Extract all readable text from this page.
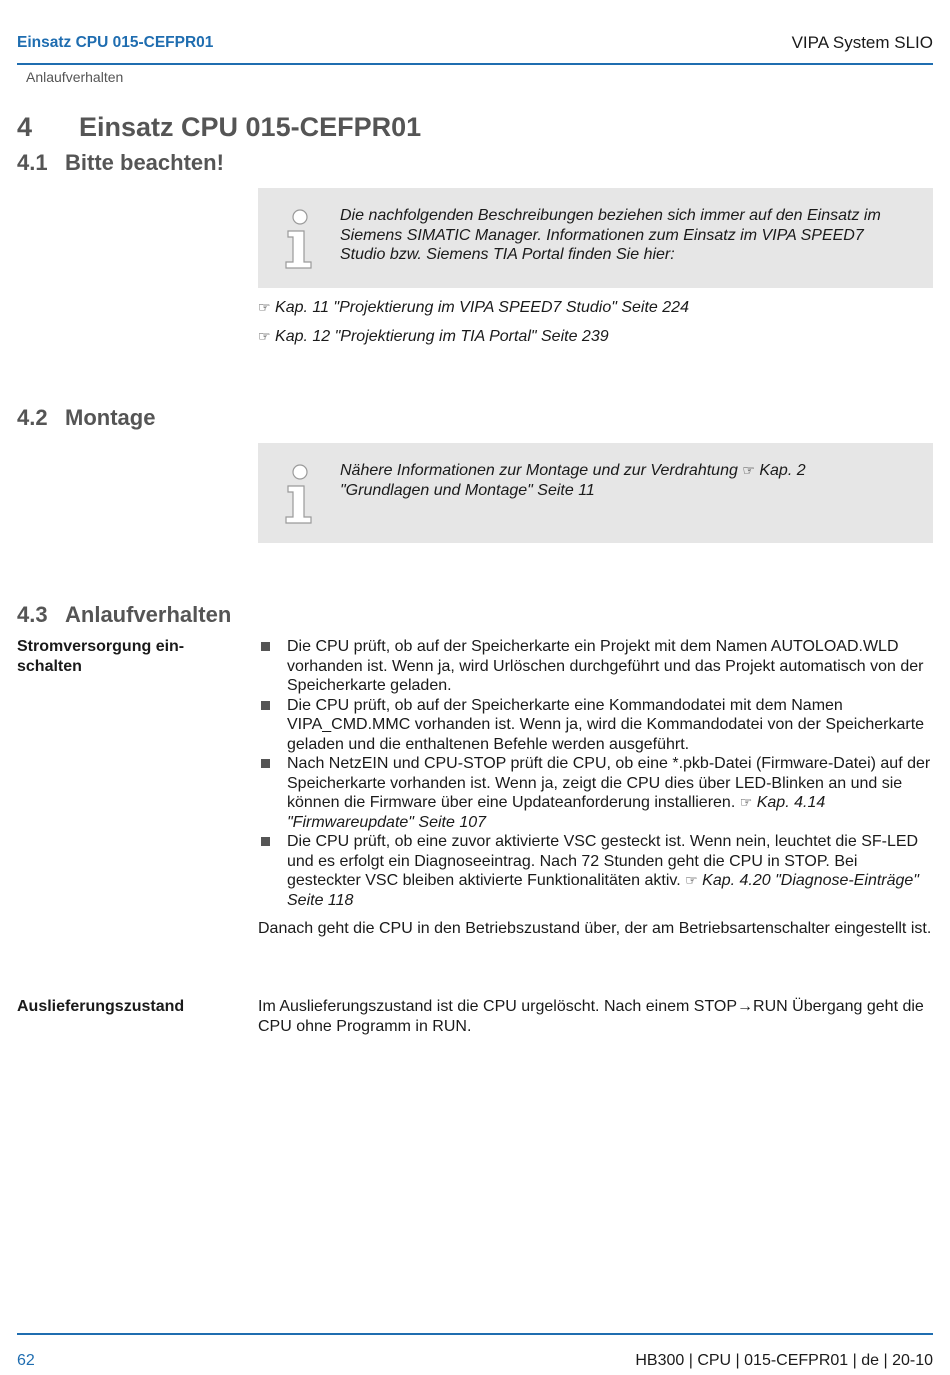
Einsatz CPU 015-CEFPR01	VIPA System SLIO
Anlaufverhalten
4 Einsatz CPU 015-CEFPR01
4.1 Bitte beachten!
Die nachfolgenden Beschreibungen beziehen sich immer auf den Einsatz im Siemens SIMATIC Manager. Informationen zum Einsatz im VIPA SPEED7 Studio bzw. Siemens TIA Portal finden Sie hier:
☞ Kap. 11 "Projektierung im VIPA SPEED7 Studio" Seite 224
☞ Kap. 12 "Projektierung im TIA Portal" Seite 239
4.2 Montage
Nähere Informationen zur Montage und zur Verdrahtung ☞ Kap. 2 "Grundlagen und Montage" Seite 11
4.3 Anlaufverhalten
Stromversorgung ein-
schalten
Die CPU prüft, ob auf der Speicherkarte ein Projekt mit dem Namen AUTOLOAD.WLD vorhanden ist. Wenn ja, wird Urlöschen durchgeführt und das Projekt automatisch von der Speicherkarte geladen.
Die CPU prüft, ob auf der Speicherkarte eine Kommandodatei mit dem Namen VIPA_CMD.MMC vorhanden ist. Wenn ja, wird die Kommandodatei von der Speicherkarte geladen und die enthaltenen Befehle werden ausgeführt.
Nach NetzEIN und CPU-STOP prüft die CPU, ob eine *.pkb-Datei (Firmware-Datei) auf der Speicherkarte vorhanden ist. Wenn ja, zeigt die CPU dies über LED-Blinken an und sie können die Firmware über eine Updateanforderung installieren. ☞ Kap. 4.14 "Firmwareupdate" Seite 107
Die CPU prüft, ob eine zuvor aktivierte VSC gesteckt ist. Wenn nein, leuchtet die SF-LED und es erfolgt ein Diagnoseeintrag. Nach 72 Stunden geht die CPU in STOP. Bei gesteckter VSC bleiben aktivierte Funktionalitäten aktiv. ☞ Kap. 4.20 "Diagnose-Einträge" Seite 118
Danach geht die CPU in den Betriebszustand über, der am Betriebsartenschalter eingestellt ist.
Auslieferungszustand	Im Auslieferungszustand ist die CPU urgelöscht. Nach einem STOP→RUN Übergang geht die CPU ohne Programm in RUN.
62	HB300 | CPU | 015-CEFPR01 | de | 20-10
